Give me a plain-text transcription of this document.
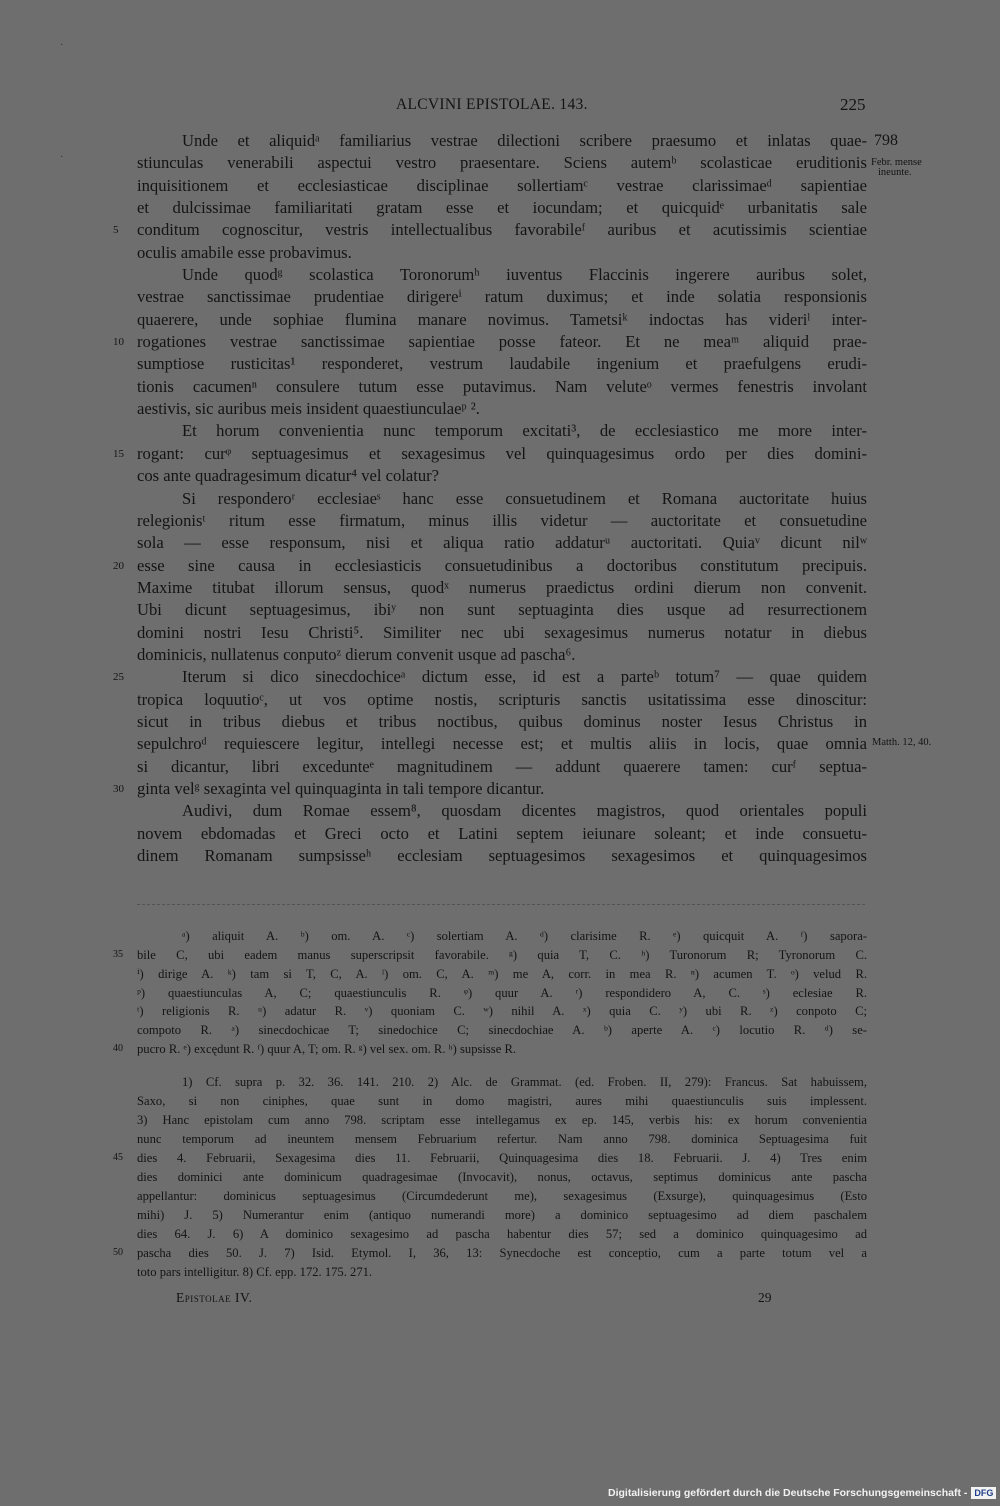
·
·
ALCVINI EPISTOLAE. 143.	225
798
Febr. mense
ineunte.
Matth. 12, 40.
Unde et aliquidᵃ familiarius vestrae dilectioni scribere praesumo et inlatas quae-
stiunculas venerabili aspectui vestro praesentare. Sciens autemᵇ scolasticae eruditionis
inquisitionem et ecclesiasticae disciplinae sollertiamᶜ vestrae clarissimaeᵈ sapientiae
et dulcissimae familiaritati gratam esse et iocundam; et quicquidᵉ urbanitatis sale
conditum cognoscitur, vestris intellectualibus favorabileᶠ auribus et acutissimis scientiae
oculis amabile esse probavimus.
Unde quodᵍ scolastica Toronorumʰ iuventus Flaccinis ingerere auribus solet,
vestrae sanctissimae prudentiae dirigereⁱ ratum duximus; et inde solatia responsionis
quaerere, unde sophiae flumina manare novimus. Tametsiᵏ indoctas has videriˡ inter-
rogationes vestrae sanctissimae sapientiae posse fateor. Et ne meaᵐ aliquid prae-
sumptiose rusticitas¹ responderet, vestrum laudabile ingenium et praefulgens erudi-
tionis cacumenⁿ consulere tutum esse putavimus. Nam veluteᵒ vermes fenestris involant
aestivis, sic auribus meis insident quaestiunculaeᵖ ².
Et horum convenientia nunc temporum excitati³, de ecclesiastico me more inter-
rogant: curᵠ septuagesimus et sexagesimus vel quinquagesimus ordo per dies domini-
cos ante quadragesimum dicatur⁴ vel colatur?
Si responderoʳ ecclesiaeˢ hanc esse consuetudinem et Romana auctoritate huius
relegionisᵗ ritum esse firmatum, minus illis videtur — auctoritate et consuetudine
sola — esse responsum, nisi et aliqua ratio addaturᵘ auctoritati. Quiaᵛ dicunt nilʷ
esse sine causa in ecclesiasticis consuetudinibus a doctoribus constitutum precipuis.
Maxime titubat illorum sensus, quodˣ numerus praedictus ordini dierum non convenit.
Ubi dicunt septuagesimus, ibiʸ non sunt septuaginta dies usque ad resurrectionem
domini nostri Iesu Christi⁵. Similiter nec ubi sexagesimus numerus notatur in diebus
dominicis, nullatenus conputoᶻ dierum convenit usque ad pascha⁶.
Iterum si dico sinecdochiceᵃ dictum esse, id est a parteᵇ totum⁷ — quae quidem
tropica loquutioᶜ, ut vos optime nostis, scripturis sanctis usitatissima esse dinoscitur:
sicut in tribus diebus et tribus noctibus, quibus dominus noster Iesus Christus in
sepulchroᵈ requiescere legitur, intellegi necesse est; et multis aliis in locis, quae omnia
si dicantur, libri excedunteᵉ magnitudinem — addunt quaerere tamen: curᶠ septua-
ginta velᵍ sexaginta vel quinquaginta in tali tempore dicantur.
Audivi, dum Romae essem⁸, quosdam dicentes magistros, quod orientales populi
novem ebdomadas et Greci octo et Latini septem ieiunare soleant; et inde consuetu-
dinem Romanam sumpsisseʰ ecclesiam septuagesimos sexagesimos et quinquagesimos
5
10
15
20
25
30
ᵃ) aliquit A. ᵇ) om. A. ᶜ) solertiam A. ᵈ) clarisime R. ᵉ) quicquit A. ᶠ) sapora-
bile C, ubi eadem manus superscripsit favorabile. ᵍ) quia T, C. ʰ) Turonorum R; Tyronorum C.
ⁱ) dirige A. ᵏ) tam si T, C, A. ˡ) om. C, A. ᵐ) me A, corr. in mea R. ⁿ) acumen T. ᵒ) velud R.
ᵖ) quaestiunculas A, C; quaestiunculis R. ᵠ) quur A. ʳ) respondidero A, C. ˢ) eclesiae R.
ᵗ) religionis R. ᵘ) adatur R. ᵛ) quoniam C. ʷ) nihil A. ˣ) quia C. ʸ) ubi R. ᶻ) conpoto C;
compoto R. ᵃ) sinecdochicae T; sinedochice C; sinecdochiae A. ᵇ) aperte A. ᶜ) locutio R. ᵈ) se-
pucro R. ᵉ) excędunt R. ᶠ) quur A, T; om. R. ᵍ) vel sex. om. R. ʰ) supsisse R.
35
40
1) Cf. supra p. 32. 36. 141. 210. 2) Alc. de Grammat. (ed. Froben. II, 279): Francus. Sat habuissem,
Saxo, si non ciniphes, quae sunt in domo magistri, aures mihi quaestiunculis suis implessent.
3) Hanc epistolam cum anno 798. scriptam esse intellegamus ex ep. 145, verbis his: ex horum convenientia
nunc temporum ad ineuntem mensem Februarium refertur. Nam anno 798. dominica Septuagesima fuit
dies 4. Februarii, Sexagesima dies 11. Februarii, Quinquagesima dies 18. Februarii. J. 4) Tres enim
dies dominici ante dominicum quadragesimae (Invocavit), nonus, octavus, septimus dominicus ante pascha
appellantur: dominicus septuagesimus (Circumdederunt me), sexagesimus (Exsurge), quinquagesimus (Esto
mihi) J. 5) Numerantur enim (antiquo numerandi more) a dominico septuagesimo ad diem paschalem
dies 64. J. 6) A dominico sexagesimo ad pascha habentur dies 57; sed a dominico quinquagesimo ad
pascha dies 50. J. 7) Isid. Etymol. I, 36, 13: Synecdoche est conceptio, cum a parte totum vel a
toto pars intelligitur. 8) Cf. epp. 172. 175. 271.
45
50
Epistolae IV.	29
Digitalisierung gefördert durch die Deutsche Forschungsgemeinschaft - DFG
